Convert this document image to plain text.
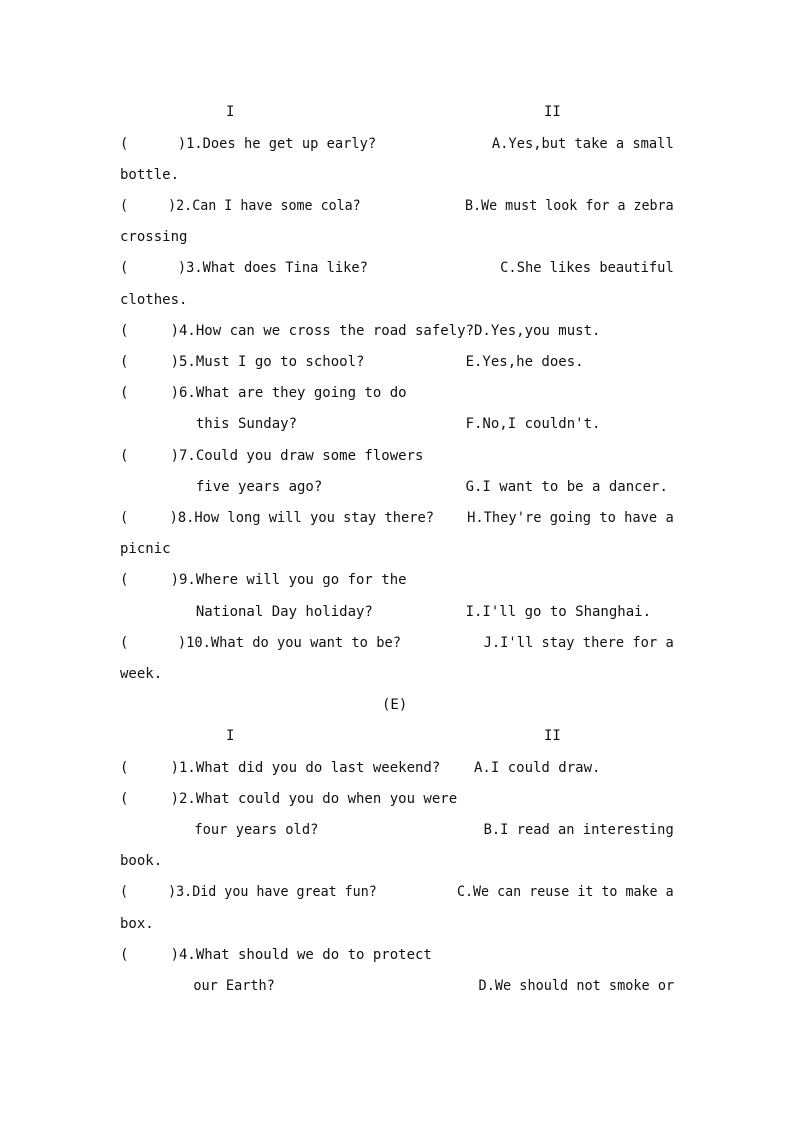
I	II
(      )1.Does he get up early?              A.Yes,but take a small
bottle.
(     )2.Can I have some cola?             B.We must look for a zebra
crossing
(      )3.What does Tina like?                C.She likes beautiful
clothes.
(     )4.How can we cross the road safely?D.Yes,you must.
(     )5.Must I go to school?            E.Yes,he does.
(     )6.What are they going to do
this Sunday?                    F.No,I couldn't.
(     )7.Could you draw some flowers
five years ago?                 G.I want to be a dancer.
(     )8.How long will you stay there?    H.They're going to have a
picnic
(     )9.Where will you go for the
National Day holiday?           I.I'll go to Shanghai.
(      )10.What do you want to be?          J.I'll stay there for a
week.
(E)
I	II
(     )1.What did you do last weekend?    A.I could draw.
(     )2.What could you do when you were
four years old?                    B.I read an interesting
book.
(     )3.Did you have great fun?          C.We can reuse it to make a
box.
(     )4.What should we do to protect
our Earth?                         D.We should not smoke or
